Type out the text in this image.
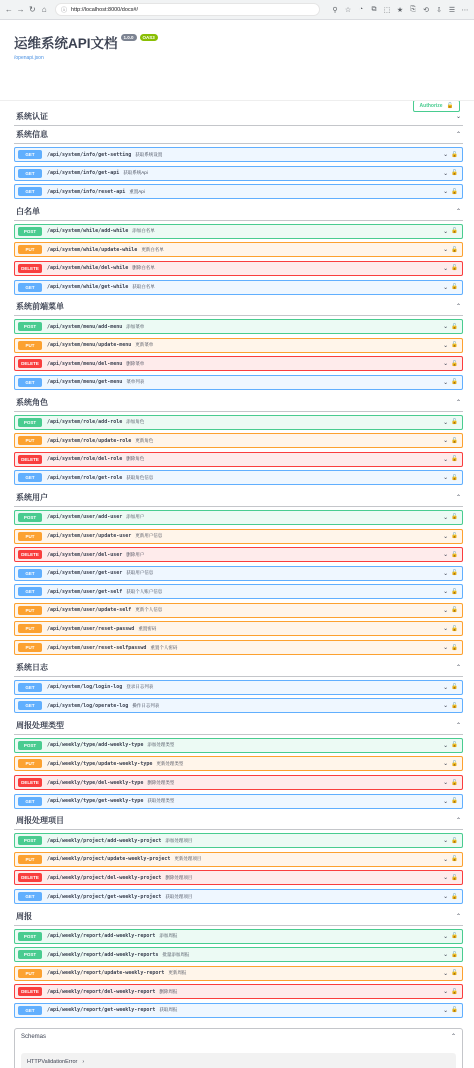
← → ↻ ⌂	ⓘ http://localhost:8000/docs#/	⚲	☆	◔	⧉	⬚ ★	⎘	⟲ ⇩ ☰ ⋯
运维系统API文档	1.0.0	OAS3
/openapi.json
Authorize 🔓
系统认证	⌄
系统信息	⌃
GET	/api/system/info/get-setting 获取系统设置	⌄ 🔓
GET	/api/system/info/get-api 获取系统Api	⌄ 🔓
GET	/api/system/info/reset-api 重置Api	⌄ 🔓
白名单	⌃
POST	/api/system/while/add-while 添加白名单	⌄ 🔓
PUT	/api/system/while/update-while 更新白名单	⌄ 🔓
DELETE	/api/system/while/del-while 删除白名单	⌄ 🔓
GET	/api/system/while/get-while 获取白名单	⌄ 🔓
系统前端菜单	⌃
POST	/api/system/menu/add-menu 添加菜单	⌄ 🔓
PUT	/api/system/menu/update-menu 更新菜单	⌄ 🔓
DELETE	/api/system/menu/del-menu 删除菜单	⌄ 🔓
GET	/api/system/menu/get-menu 菜单列表	⌄ 🔓
系统角色	⌃
POST	/api/system/role/add-role 添加角色	⌄ 🔓
PUT	/api/system/role/update-role 更新角色	⌄ 🔓
DELETE	/api/system/role/del-role 删除角色	⌄ 🔓
GET	/api/system/role/get-role 获取角色信息	⌄ 🔓
系统用户	⌃
POST	/api/system/user/add-user 添加用户	⌄ 🔓
PUT	/api/system/user/update-user 更新用户信息	⌄ 🔓
DELETE	/api/system/user/del-user 删除用户	⌄ 🔓
GET	/api/system/user/get-user 获取用户信息	⌄ 🔓
GET	/api/system/user/get-self 获取个人账户信息	⌄ 🔓
PUT	/api/system/user/update-self 更新个人信息	⌄ 🔓
PUT	/api/system/user/reset-passwd 重置密码	⌄ 🔓
PUT	/api/system/user/reset-selfpasswd 重置个人密码	⌄ 🔓
系统日志	⌃
GET	/api/system/log/login-log 登录日志列表	⌄ 🔓
GET	/api/system/log/operate-log 操作日志列表	⌄ 🔓
周报处理类型	⌃
POST	/api/weekly/type/add-weekly-type 添加处理类型	⌄ 🔓
PUT	/api/weekly/type/update-weekly-type 更新处理类型	⌄ 🔓
DELETE	/api/weekly/type/del-weekly-type 删除处理类型	⌄ 🔓
GET	/api/weekly/type/get-weekly-type 获取处理类型	⌄ 🔓
周报处理项目	⌃
POST	/api/weekly/project/add-weekly-project 添加处理项目	⌄ 🔓
PUT	/api/weekly/project/update-weekly-project 更新处理项目	⌄ 🔓
DELETE	/api/weekly/project/del-weekly-project 删除处理项目	⌄ 🔓
GET	/api/weekly/project/get-weekly-project 获取处理项目	⌄ 🔓
周报	⌃
POST	/api/weekly/report/add-weekly-report 添加周报	⌄ 🔓
POST	/api/weekly/report/add-weekly-reports 批量添加周报	⌄ 🔓
PUT	/api/weekly/report/update-weekly-report 更新周报	⌄ 🔓
DELETE	/api/weekly/report/del-weekly-report 删除周报	⌄ 🔓
GET	/api/weekly/report/get-weekly-report 获取周报	⌄ 🔓
Schemas	⌃
HTTPValidationError ›
